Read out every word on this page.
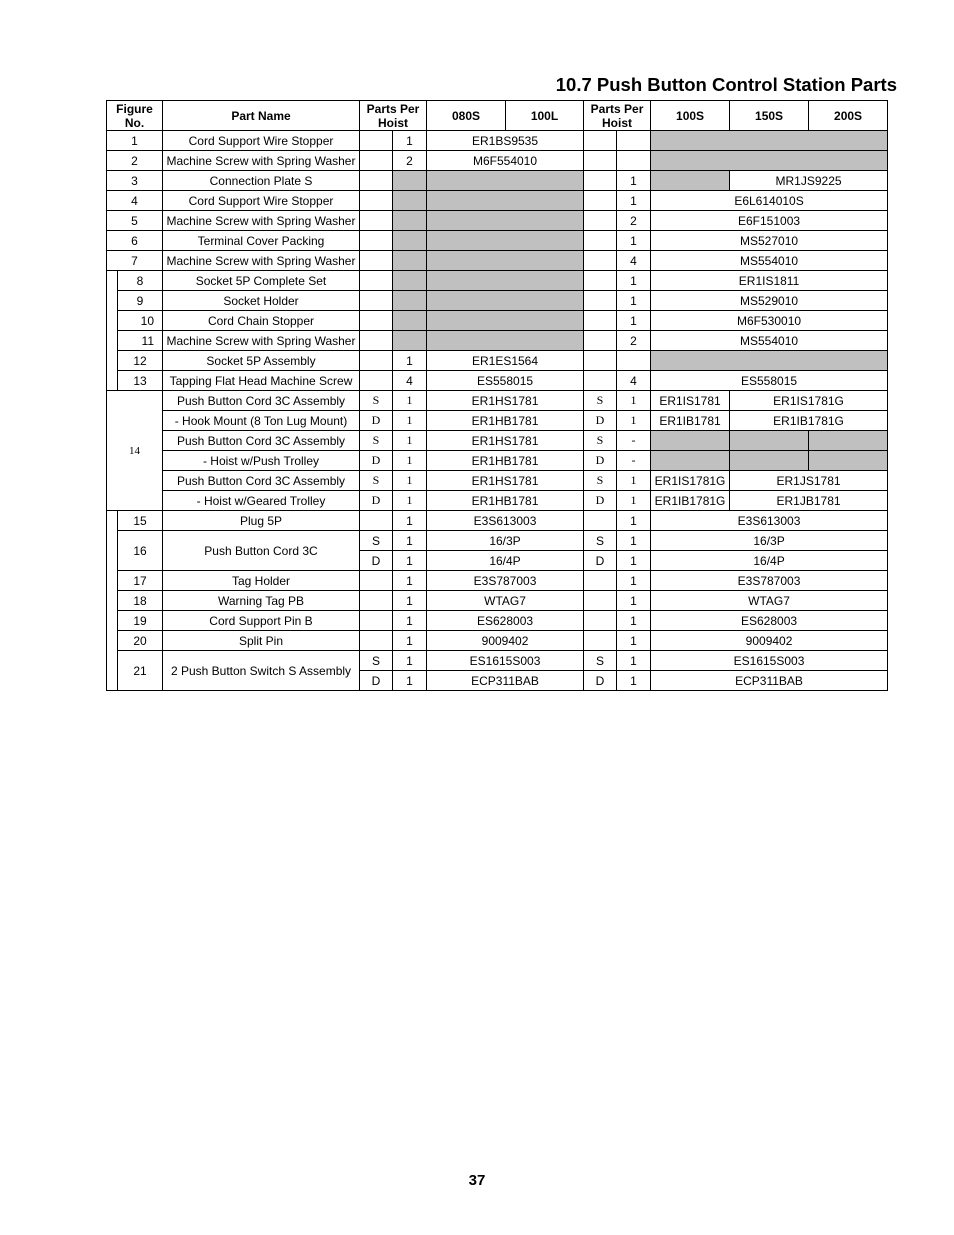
10.7 Push Button Control Station Parts
Figure No.		Part Name	Parts Per Hoist		080S	100L	Parts Per Hoist		100S	150S	200S
1		Cord Support Wire Stopper		1	ER1BS9535						
2		Machine Screw with Spring Washer		2	M6F554010						
3		Connection Plate S						1		MR1JS9225	
4		Cord Support Wire Stopper						1	E6L614010S		
5		Machine Screw with Spring Washer						2	E6F151003		
6		Terminal Cover Packing						1	MS527010		
7		Machine Screw with Spring Washer						4	MS554010		
	8	Socket 5P Complete Set						1	ER1IS1811		
	9	Socket Holder						1	MS529010		
	10	Cord Chain Stopper						1	M6F530010		
	11	Machine Screw with Spring Washer						2	MS554010		
	12	Socket 5P Assembly		1	ER1ES1564						
	13	Tapping Flat Head Machine Screw		4	ES558015			4	ES558015		
14		Push Button Cord 3C Assembly	S	1	ER1HS1781		S	1	ER1IS1781	ER1IS1781G	
		- Hook Mount (8 Ton Lug Mount)	D	1	ER1HB1781		D	1	ER1IB1781	ER1IB1781G	
		Push Button Cord 3C Assembly	S	1	ER1HS1781		S	-			
		- Hoist w/Push Trolley	D	1	ER1HB1781		D	-			
		Push Button Cord 3C Assembly	S	1	ER1HS1781		S	1	ER1IS1781G	ER1JS1781	
		- Hoist w/Geared Trolley	D	1	ER1HB1781		D	1	ER1IB1781G	ER1JB1781	
	15	Plug 5P		1	E3S613003			1	E3S613003		
	16	Push Button Cord 3C	S	1	16/3P		S	1	16/3P		
			D	1	16/4P		D	1	16/4P		
	17	Tag Holder		1	E3S787003			1	E3S787003		
	18	Warning Tag PB		1	WTAG7			1	WTAG7		
	19	Cord Support Pin B		1	ES628003			1	ES628003		
	20	Split Pin		1	9009402			1	9009402		
	21	2 Push Button Switch S Assembly	S	1	ES1615S003		S	1	ES1615S003		
			D	1	ECP311BAB		D	1	ECP311BAB		
37
